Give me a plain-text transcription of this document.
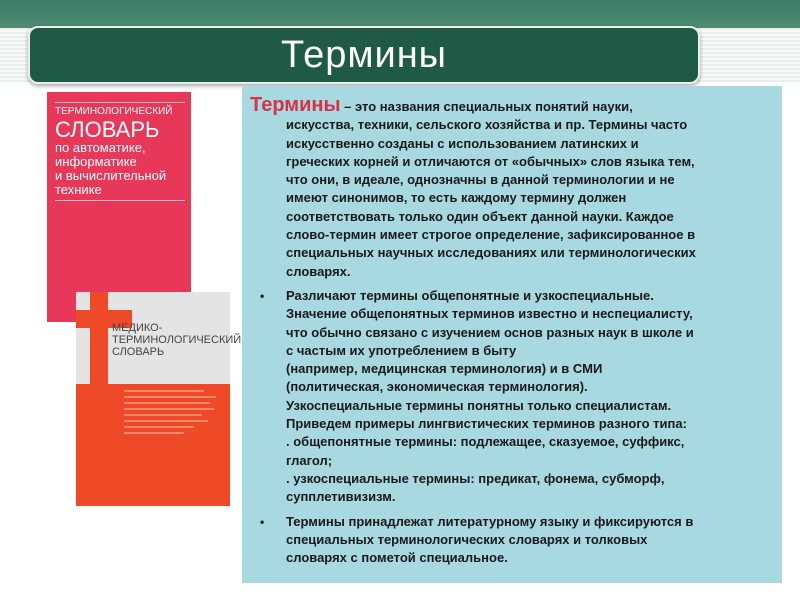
Термины
ТЕРМИНОЛОГИЧЕСКИЙ
СЛОВАРЬ
по автоматике,
информатике
и вычислительной
технике
МЕДИКО-
ТЕРМИНОЛОГИЧЕСКИЙ
СЛОВАРЬ

Термины – это названия специальных понятий науки,
искусства, техники, сельского хозяйства и пр. Термины часто
искусственно созданы с использованием латинских и
греческих корней и отличаются от «обычных» слов языка тем,
что они, в идеале, однозначны в данной терминологии и не
имеют синонимов, то есть каждому термину должен
соответствовать только один объект данной науки. Каждое
слово-термин имеет строгое определение, зафиксированное в
специальных научных исследованиях или терминологических
словарях.

• Различают термины общепонятные и узкоспециальные.
Значение общепонятных терминов известно и неспециалисту,
что обычно связано с изучением основ разных наук в школе и
с частым их употреблением в быту
(например, медицинская терминология) и в СМИ
(политическая, экономическая терминология).
Узкоспециальные термины понятны только специалистам.
Приведем примеры лингвистических терминов разного типа:
. общепонятные термины: подлежащее, сказуемое, суффикс,
глагол;
. узкоспециальные термины: предикат, фонема, субморф,
супплетивизизм.
• Термины принадлежат литературному языку и фиксируются в
специальных терминологических словарях и толковых
словарях с пометой специальное.
